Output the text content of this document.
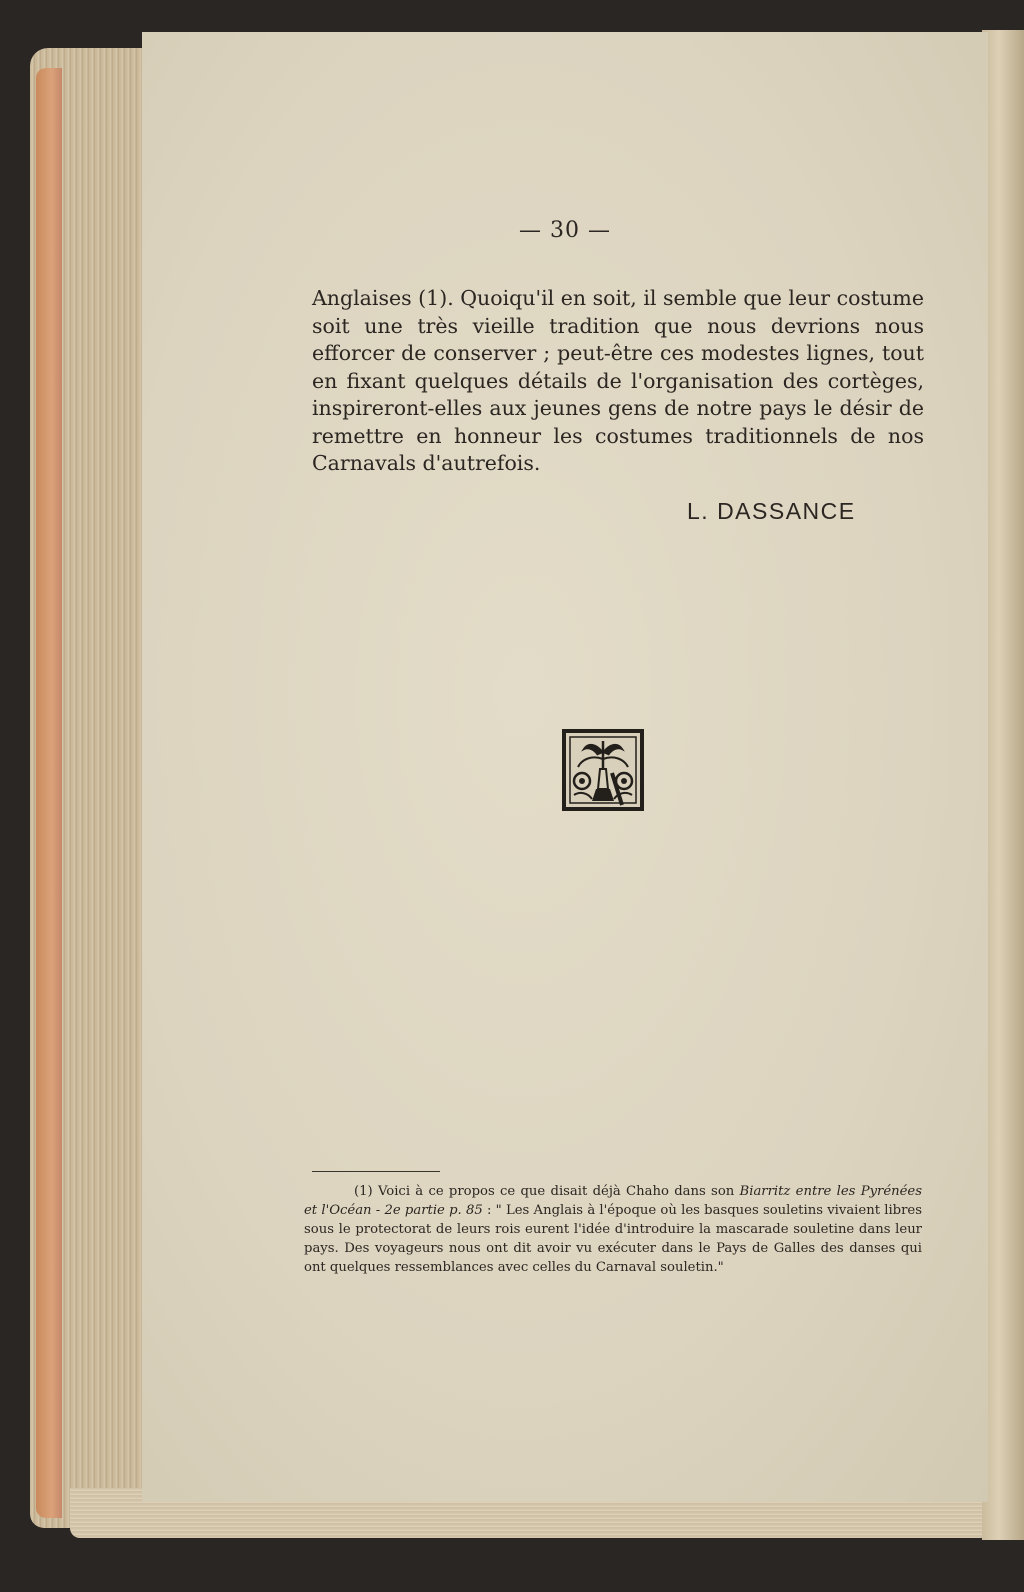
— 30 —
Anglaises (1). Quoiqu'il en soit, il semble que leur costume soit une très vieille tradition que nous devrions nous efforcer de conserver ; peut-être ces modestes lignes, tout en fixant quelques détails de l'organisation des cortèges, inspireront-elles aux jeunes gens de notre pays le désir de remettre en honneur les costumes traditionnels de nos Carnavals d'autrefois.
L. DASSANCE
(1) Voici à ce propos ce que disait déjà Chaho dans son Biarritz entre les Pyrénées et l'Océan - 2e partie p. 85 : " Les Anglais à l'époque où les basques souletins vivaient libres sous le protectorat de leurs rois eurent l'idée d'introduire la mascarade souletine dans leur pays. Des voyageurs nous ont dit avoir vu exécuter dans le Pays de Galles des danses qui ont quelques ressemblances avec celles du Carnaval souletin."
